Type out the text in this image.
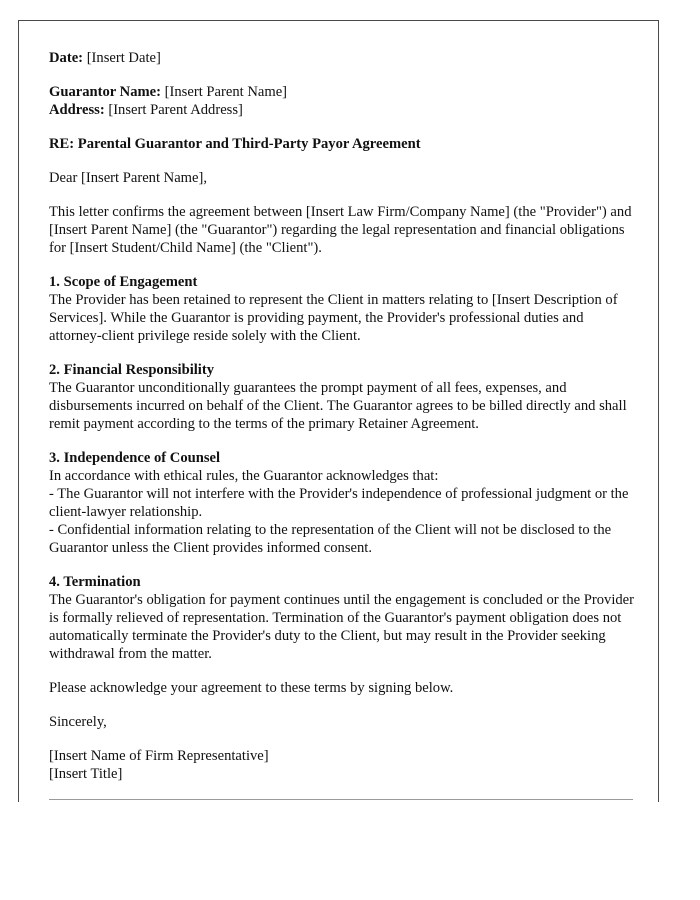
Date: [Insert Date]

Guarantor Name: [Insert Parent Name]
Address: [Insert Parent Address]

RE: Parental Guarantor and Third-Party Payor Agreement

Dear [Insert Parent Name],

This letter confirms the agreement between [Insert Law Firm/Company Name] (the "Provider") and [Insert Parent Name] (the "Guarantor") regarding the legal representation and financial obligations for [Insert Student/Child Name] (the "Client").

1. Scope of Engagement
The Provider has been retained to represent the Client in matters relating to [Insert Description of Services]. While the Guarantor is providing payment, the Provider's professional duties and attorney-client privilege reside solely with the Client.

2. Financial Responsibility
The Guarantor unconditionally guarantees the prompt payment of all fees, expenses, and disbursements incurred on behalf of the Client. The Guarantor agrees to be billed directly and shall remit payment according to the terms of the primary Retainer Agreement.

3. Independence of Counsel
In accordance with ethical rules, the Guarantor acknowledges that:
- The Guarantor will not interfere with the Provider's independence of professional judgment or the client-lawyer relationship.
- Confidential information relating to the representation of the Client will not be disclosed to the Guarantor unless the Client provides informed consent.

4. Termination
The Guarantor's obligation for payment continues until the engagement is concluded or the Provider is formally relieved of representation. Termination of the Guarantor's payment obligation does not automatically terminate the Provider's duty to the Client, but may result in the Provider seeking withdrawal from the matter.

Please acknowledge your agreement to these terms by signing below.

Sincerely,

[Insert Name of Firm Representative]
[Insert Title]
